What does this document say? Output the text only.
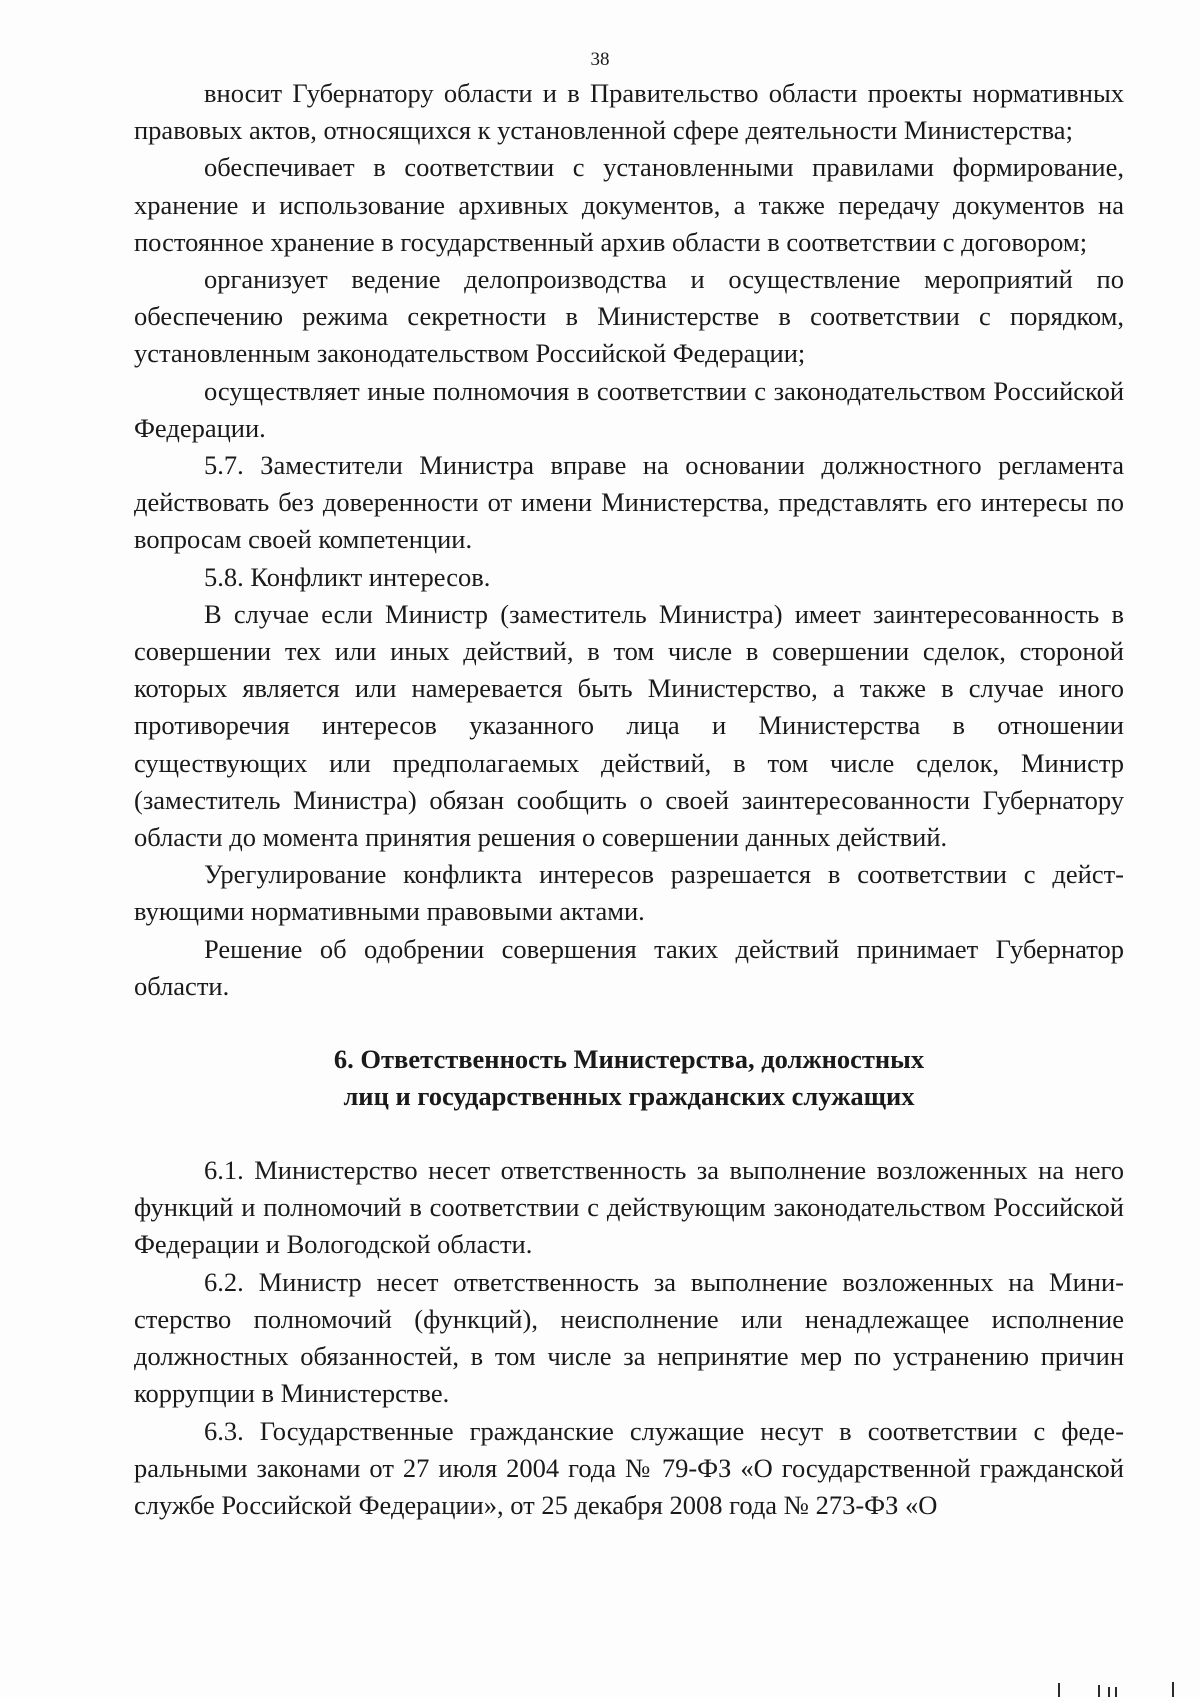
38

вносит Губернатору области и в Правительство области проекты нормативных правовых актов, относящихся к установленной сфере деятельности Министерства;

обеспечивает в соответствии с установленными правилами формирование, хранение и использование архивных документов, а также передачу документов на постоянное хранение в государственный архив области в соответствии с договором;

организует ведение делопроизводства и осуществление мероприятий по обеспечению режима секретности в Министерстве в соответствии с порядком, установленным законодательством Российской Федерации;

осуществляет иные полномочия в соответствии с законодательством Российской Федерации.

5.7. Заместители Министра вправе на основании должностного регламента действовать без доверенности от имени Министерства, представлять его интересы по вопросам своей компетенции.

5.8. Конфликт интересов.

В случае если Министр (заместитель Министра) имеет заинтересованность в совершении тех или иных действий, в том числе в совершении сделок, стороной которых является или намеревается быть Министерство, а также в случае иного противоречия интересов указанного лица и Министерства в отношении существующих или предполагаемых действий, в том числе сделок, Министр (заместитель Министра) обязан сообщить о своей заинтересованности Губернатору области до момента принятия решения о совершении данных действий.

Урегулирование конфликта интересов разрешается в соответствии с действующими нормативными правовыми актами.

Решение об одобрении совершения таких действий принимает Губернатор области.

6. Ответственность Министерства, должностных
лиц и государственных гражданских служащих

6.1. Министерство несет ответственность за выполнение возложенных на него функций и полномочий в соответствии с действующим законодательством Российской Федерации и Вологодской области.

6.2. Министр несет ответственность за выполнение возложенных на Министерство полномочий (функций), неисполнение или ненадлежащее исполнение должностных обязанностей, в том числе за непринятие мер по устранению причин коррупции в Министерстве.

6.3. Государственные гражданские служащие несут в соответствии с федеральными законами от 27 июля 2004 года № 79-ФЗ «О государственной гражданской службе Российской Федерации», от 25 декабря 2008 года № 273-ФЗ «О
